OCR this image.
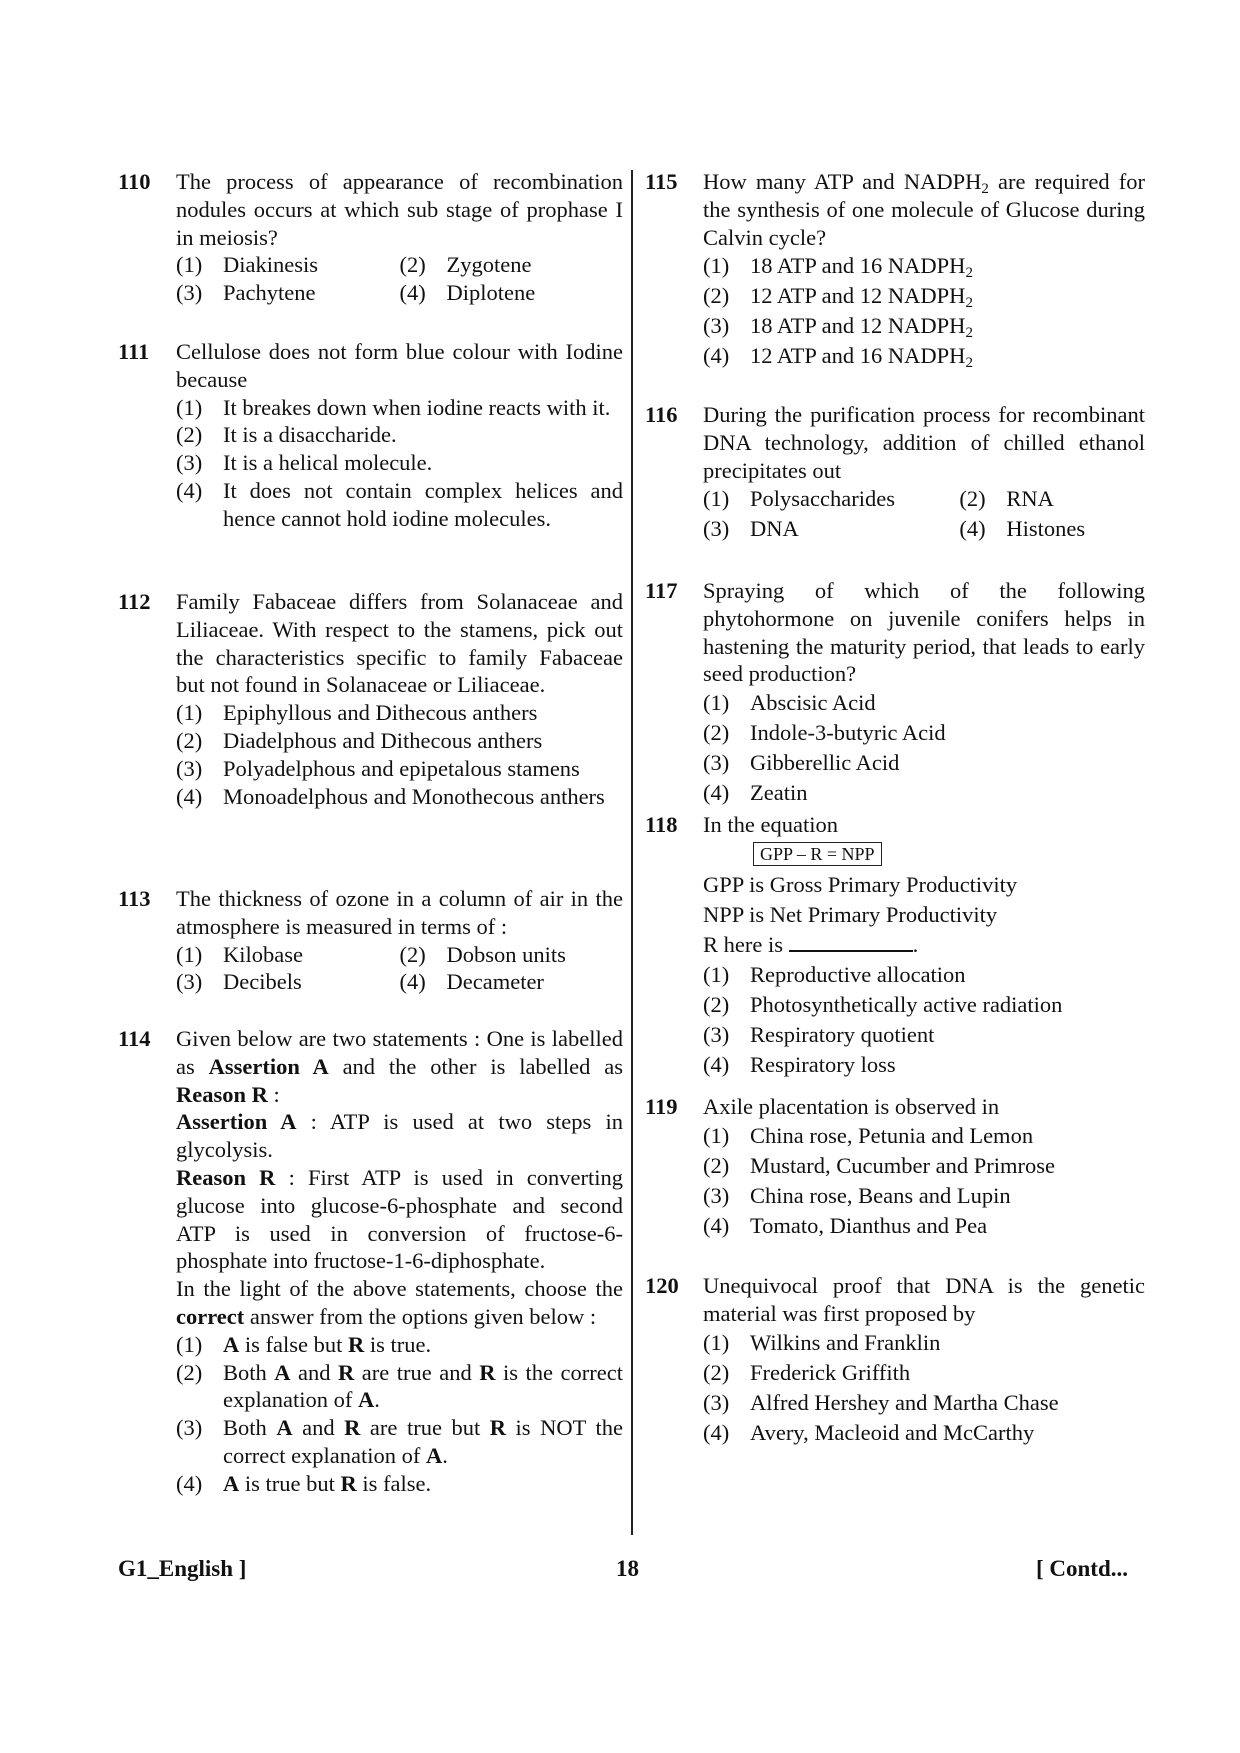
110 The process of appearance of recombination nodules occurs at which sub stage of prophase I in meiosis?
(1) Diakinesis	(2) Zygotene
(3) Pachytene	(4) Diplotene
111 Cellulose does not form blue colour with Iodine because
(1) It breakes down when iodine reacts with it.
(2) It is a disaccharide.
(3) It is a helical molecule.
(4) It does not contain complex helices and hence cannot hold iodine molecules.
112 Family Fabaceae differs from Solanaceae and Liliaceae. With respect to the stamens, pick out the characteristics specific to family Fabaceae but not found in Solanaceae or Liliaceae.
(1) Epiphyllous and Dithecous anthers
(2) Diadelphous and Dithecous anthers
(3) Polyadelphous and epipetalous stamens
(4) Monoadelphous and Monothecous anthers
113 The thickness of ozone in a column of air in the atmosphere is measured in terms of :
(1) Kilobase	(2) Dobson units
(3) Decibels	(4) Decameter
114 Given below are two statements : One is labelled as Assertion A and the other is labelled as Reason R :
Assertion A : ATP is used at two steps in glycolysis.
Reason R : First ATP is used in converting glucose into glucose-6-phosphate and second ATP is used in conversion of fructose-6-phosphate into fructose-1-6-diphosphate.
In the light of the above statements, choose the correct answer from the options given below :
(1) A is false but R is true.
(2) Both A and R are true and R is the correct explanation of A.
(3) Both A and R are true but R is NOT the correct explanation of A.
(4) A is true but R is false.
115 How many ATP and $NADPH_2$ are required for the synthesis of one molecule of Glucose during Calvin cycle?
(1) 18 ATP and 16 $NADPH_2$
(2) 12 ATP and 12 $NADPH_2$
(3) 18 ATP and 12 $NADPH_2$
(4) 12 ATP and 16 $NADPH_2$
116 During the purification process for recombinant DNA technology, addition of chilled ethanol precipitates out
(1) Polysaccharides	(2) RNA
(3) DNA	(4) Histones
117 Spraying of which of the following phytohormone on juvenile conifers helps in hastening the maturity period, that leads to early seed production?
(1) Abscisic Acid
(2) Indole-3-butyric Acid
(3) Gibberellic Acid
(4) Zeatin
118 In the equation
GPP – R = NPP
GPP is Gross Primary Productivity
NPP is Net Primary Productivity
R here is	.
(1) Reproductive allocation
(2) Photosynthetically active radiation
(3) Respiratory quotient
(4) Respiratory loss
119 Axile placentation is observed in
(1) China rose, Petunia and Lemon
(2) Mustard, Cucumber and Primrose
(3) China rose, Beans and Lupin
(4) Tomato, Dianthus and Pea
120 Unequivocal proof that DNA is the genetic material was first proposed by
(1) Wilkins and Franklin
(2) Frederick Griffith
(3) Alfred Hershey and Martha Chase
(4) Avery, Macleoid and McCarthy
G1_English ]	18	[ Contd...
